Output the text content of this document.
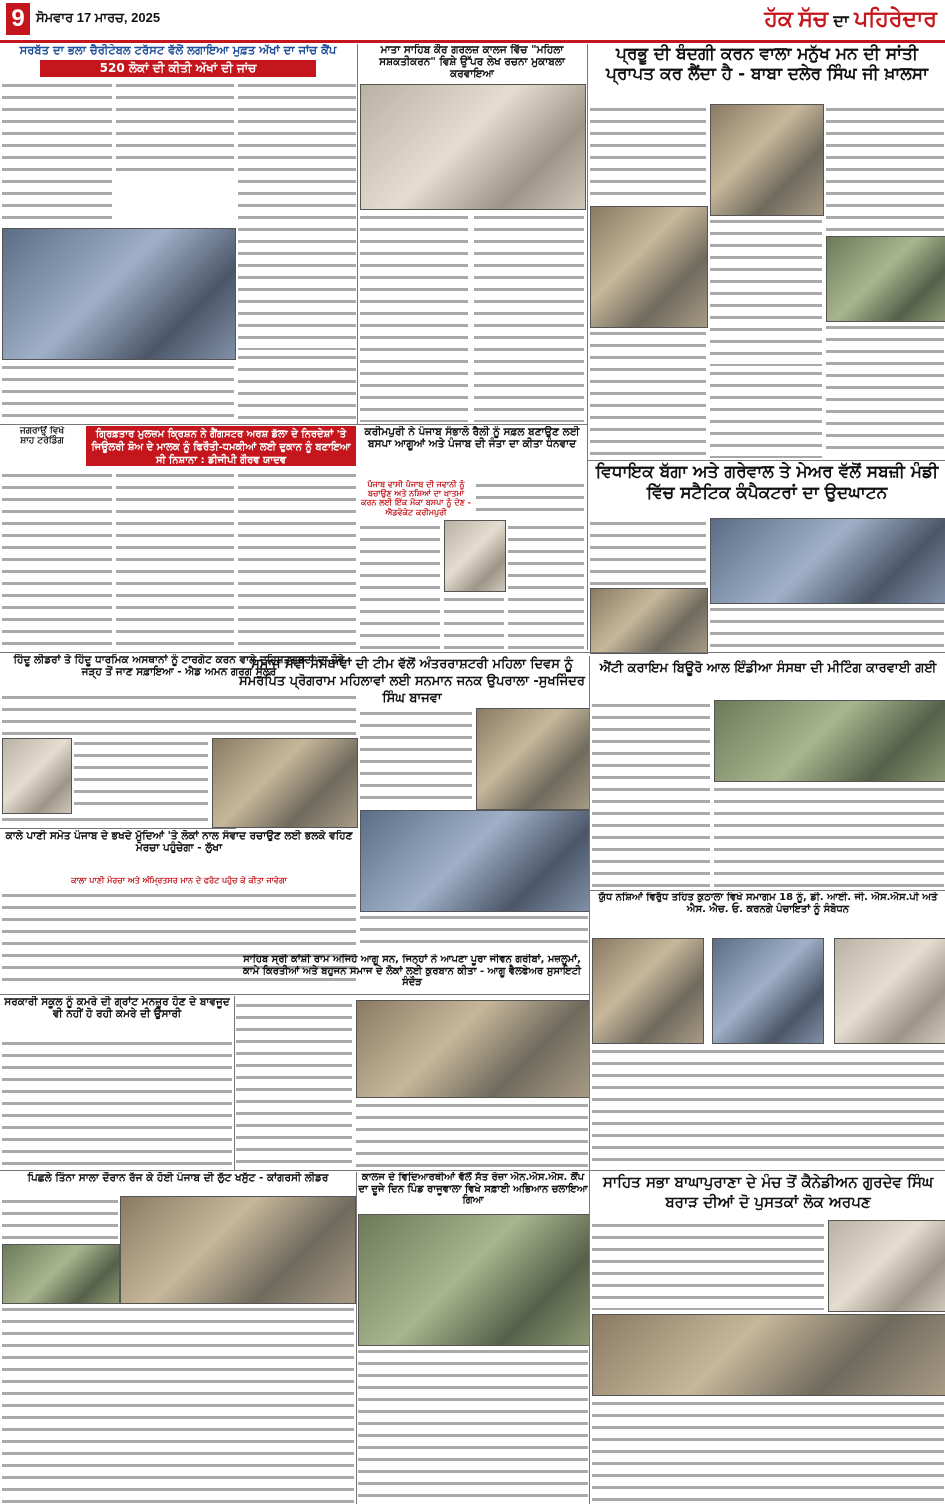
9 ਸੋਮਵਾਰ 17 ਮਾਰਚ, 2025	ਹੱਕ ਸੱਚ ਦਾ ਪਹਿਰੇਦਾਰ
ਸਰਬੱਤ ਦਾ ਭਲਾ ਚੈਰੀਟੇਬਲ ਟਰੱਸਟ ਵੱਲੋਂ ਲਗਾਇਆ ਮੁਫ਼ਤ ਅੱਖਾਂ ਦਾ ਜਾਂਚ ਕੈਂਪ
520 ਲੋਕਾਂ ਦੀ ਕੀਤੀ ਅੱਖਾਂ ਦੀ ਜਾਂਚ
ਮਾਤਾ ਸਾਹਿਬ ਕੌਰ ਗਰਲਜ਼ ਕਾਲਜ ਵਿੱਚ "ਮਹਿਲਾ ਸਸ਼ਕਤੀਕਰਨ" ਵਿਸ਼ੇ ਉੱਪਰ ਲੇਖ ਰਚਨਾ ਮੁਕਾਬਲਾ ਕਰਵਾਇਆ
ਪ੍ਰਭੂ ਦੀ ਬੰਦਗੀ ਕਰਨ ਵਾਲਾ ਮਨੁੱਖ ਮਨ ਦੀ ਸਾਂਤੀ ਪ੍ਰਾਪਤ ਕਰ ਲੈਂਦਾ ਹੈ - ਬਾਬਾ ਦਲੇਰ ਸਿੰਘ ਜੀ ਖ਼ਾਲਸਾ
ਜਗਰਾਉਂ ਵਿਖੇ
ਸ਼ਾਹ ਟਰੇਡਿੰਗ
ਗ੍ਰਿਫ਼ਤਾਰ ਮੁਲਜ਼ਮ ਕ੍ਰਿਸ਼ਨ ਨੇ ਗੈਂਗਸਟਰ ਅਰਸ਼ ਡੱਲਾ ਦੇ ਨਿਰਦੇਸ਼ਾਂ 'ਤੇ ਜਿਊਲਰੀ ਸ਼ੋਅ ਦੇ ਮਾਲਕ ਨੂੰ ਫਿਰੌਤੀ-ਧਮਕੀਆਂ ਲਈ ਦੁਕਾਨ ਨੂੰ ਬਣਾਇਆ ਸੀ ਨਿਸ਼ਾਨਾ : ਡੀਜੀਪੀ ਗੌਰਵ ਯਾਦਵ
ਕਰੀਮਪੁਰੀ ਨੇ ਪੰਜਾਬ ਸੰਭਾਲੋ ਰੈਲੀ ਨੂੰ ਸਫ਼ਲ ਬਣਾਉਣ ਲਈ ਬਸਪਾ ਆਗੂਆਂ ਅਤੇ ਪੰਜਾਬ ਦੀ ਜੰਤਾ ਦਾ ਕੀਤਾ ਧੰਨਵਾਦ
ਪੰਜਾਬ ਵਾਸੀ ਪੰਜਾਬ ਦੀ ਜਵਾਨੀ ਨੂੰ ਬਚਾਉਣ ਅਤੇ ਨਸ਼ਿਆਂ ਦਾ ਖ਼ਾਤਮਾ ਕਰਨ ਲਈ ਇੱਕ ਮੌਕਾ ਬਸਪਾ ਨੂੰ ਦੇਣ - ਐਡਵੋਕੇਟ ਕਰੀਮਪੁਰੀ
ਵਿਧਾਇਕ ਬੱਗਾ ਅਤੇ ਗਰੇਵਾਲ ਤੇ ਮੇਅਰ ਵੱਲੋਂ ਸਬਜ਼ੀ ਮੰਡੀ ਵਿੱਚ ਸਟੈਟਿਕ ਕੰਪੈਕਟਰਾਂ ਦਾ ਉਦਘਾਟਨ
ਹਿੰਦੂ ਲੀਡਰਾਂ ਤੇ ਹਿੰਦੂ ਧਾਰਮਿਕ ਅਸਥਾਨਾਂ ਨੂੰ ਟਾਰਗੇਟ ਕਰਨ ਵਾਲੇ ਦਹਿਸ਼ਤਗਰਦਾਂ ਦਾ ਹੋਵੇ ਜੜ੍ਹ ਤੋਂ ਜਾਣ ਸਫ਼ਾਇਆ - ਐਡ ਅਮਨ ਗਰਗ ਸੂਲਰ
ਸਮਾਜ ਸੇਵੀ ਸੰਸਥਾਵਾਂ ਦੀ ਟੀਮ ਵੱਲੋਂ ਅੰਤਰਰਾਸ਼ਟਰੀ ਮਹਿਲਾ ਦਿਵਸ ਨੂੰ ਸਮਰਪਿਤ ਪ੍ਰੋਗਰਾਮ ਮਹਿਲਾਵਾਂ ਲਈ ਸਨਮਾਨ ਜਨਕ ਉਪਰਾਲਾ -ਸੁਖਜਿੰਦਰ ਸਿੰਘ ਬਾਜਵਾ
ਐਂਟੀ ਕਰਾਇਮ ਬਿਊਰੋ ਆਲ ਇੰਡੀਆ ਸੰਸਥਾ ਦੀ ਮੀਟਿੰਗ ਕਾਰਵਾਈ ਗਈ
ਕਾਲੇ ਪਾਣੀ ਸਮੇਤ ਪੰਜਾਬ ਦੇ ਭਖਦੇ ਮੁੱਦਿਆਂ 'ਤੇ ਲੋਕਾਂ ਨਾਲ ਸੰਵਾਦ ਰਚਾਉਣ ਲਈ ਭਲਕੇ ਵਹਿਣ ਮੋਰਚਾ ਪਹੁੰਚੇਗਾ - ਲੁੱਖਾ
ਕਾਲਾ ਪਾਣੀ ਮੋਰਚਾ ਅਤੇ ਅੰਮ੍ਰਿਤਸਰ ਮਾਨ ਦੇ ਫਰੰਟ ਪਹੁੰਚ ਕੇ ਕੀਤਾ ਜਾਵੇਗਾ
ਯੁੱਧ ਨਸ਼ਿਆਂ ਵਿਰੁੱਧ ਤਹਿਤ ਕੁਠਾਲਾ ਵਿਖੇ ਸਮਾਗਮ 18 ਨੂੰ, ਡੀ. ਆਈ. ਜੀ. ਐਸ.ਐਸ.ਪੀ ਅਤੇ ਐਸ. ਐਚ. ਓ. ਕਰਨਗੇ ਪੰਚਾਇਤਾਂ ਨੂੰ ਸੰਬੋਧਨ
ਸਾਹਿਬ ਸ੍ਰੀ ਕਾਂਸ਼ੀ ਰਾਮ ਅਜਿਹੇ ਆਗੂ ਸਨ, ਜਿਨ੍ਹਾਂ ਨੇ ਆਪਣਾ ਪੂਰਾ ਜੀਵਨ ਗਰੀਬਾਂ, ਮਜ਼ਲੂਮਾਂ, ਕਾਮੇ ਕਿਰਤੀਆਂ ਅਤੇ ਬਹੁਜਨ ਸਮਾਜ ਦੇ ਲੋਕਾਂ ਲਈ ਕੁਰਬਾਨ ਕੀਤਾ - ਆਗੂ ਵੈਲਫੇਅਰ ਸੁਸਾਇਟੀ ਸੰਦੌੜ
ਸਰਕਾਰੀ ਸਕੂਲ ਨੂੰ ਕਮਰੇ ਦੀ ਗ੍ਰਾਂਟ ਮਨਜ਼ੂਰ ਹੋਣ ਦੇ ਬਾਵਜੂਦ ਵੀ ਨਹੀਂ ਹੋ ਰਹੀ ਕਮਰੇ ਦੀ ਉਸਾਰੀ
ਪਿਛਲੇ ਤਿੰਨਾ ਸਾਲਾ ਦੌਰਾਨ ਰੱਜ ਕੇ ਹੋਈ ਪੰਜਾਬ ਦੀ ਲੁੱਟ ਖਸੁੱਟ - ਕਾਂਗਰਸੀ ਲੀਡਰ	ਕਾਲਜ ਦੇ ਵਿਦਿਆਰਥੀਆਂ ਵੱਲੋਂ ਸੱਤ ਰੋਜ਼ਾ ਐਨ.ਐਸ.ਐਸ. ਕੈਂਪ ਦਾ ਦੂਜੇ ਦਿਨ ਪਿੰਡ ਰਾਜੂਵਾਲਾ ਵਿਖੇ ਸਫ਼ਾਈ ਅਭਿਆਨ ਚਲਾਇਆ ਗਿਆ
ਸਾਹਿਤ ਸਭਾ ਬਾਘਾਪੁਰਾਣਾ ਦੇ ਮੰਚ ਤੋਂ ਕੈਨੇਡੀਅਨ ਗੁਰਦੇਵ ਸਿੰਘ ਬਰਾੜ ਦੀਆਂ ਦੋ ਪੁਸਤਕਾਂ ਲੋਕ ਅਰਪਣ
